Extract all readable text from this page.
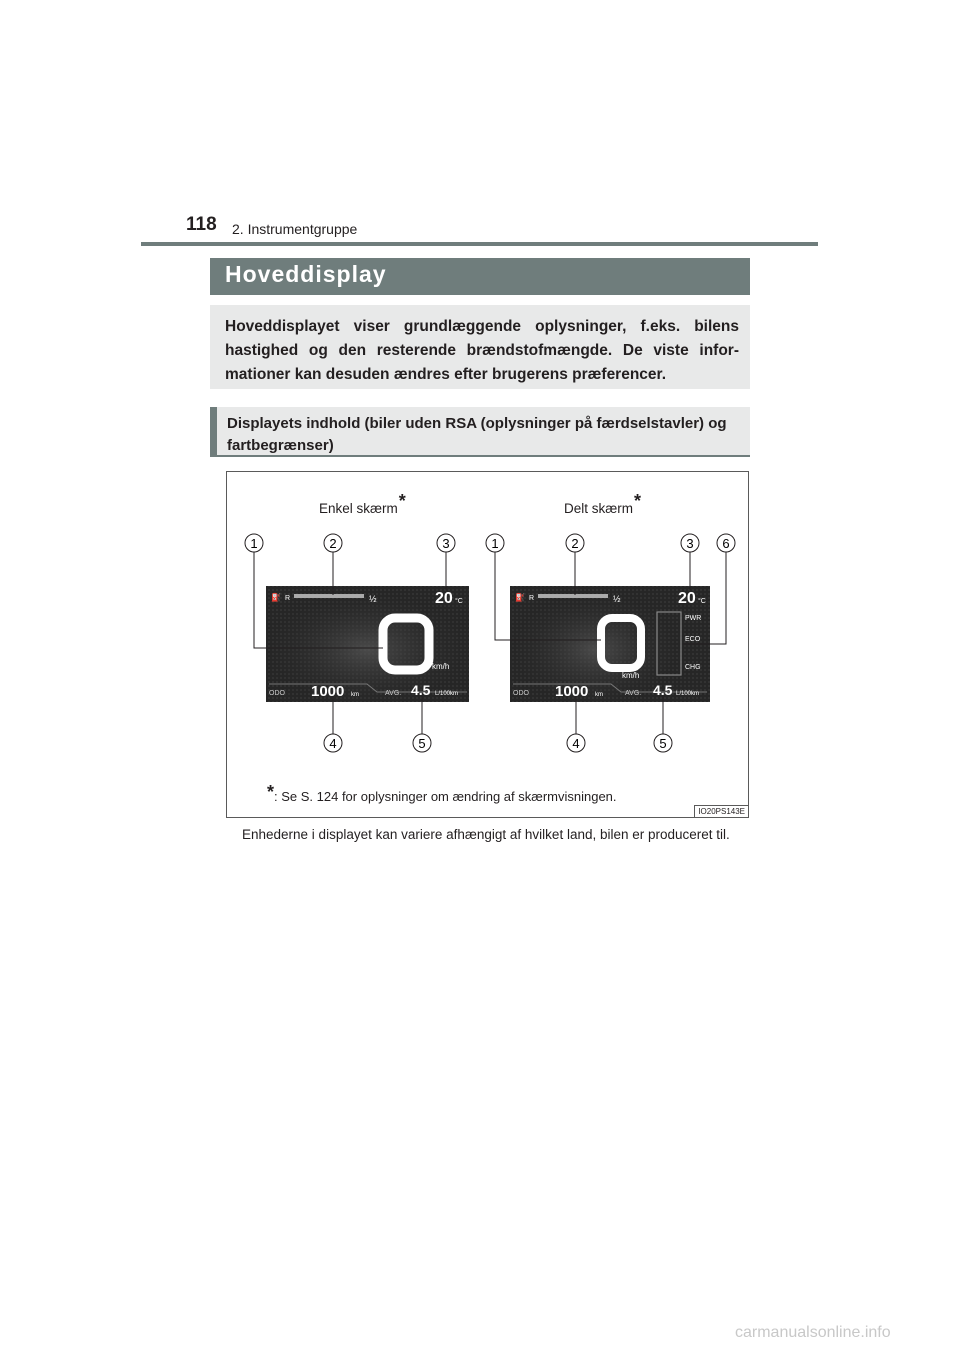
118 2. Instrumentgruppe
Hoveddisplay
Hoveddisplayet viser grundlæggende oplysninger, f.eks. bilens hastighed og den resterende brændstofmængde. De viste infor-mationer kan desuden ændres efter brugerens præferencer.
Displayets indhold (biler uden RSA (oplysninger på færdselstavler) og fartbegrænser)
Enkel skærm*	Delt skærm*
⛽ R	½	20 °C
km/h
ODO 1000 km	AVG. 4.5 L/100km
⛽ R	½	20 °C
km/h
PWR
ECO
CHG
ODO 1000 km	AVG. 4.5 L/100km
1	2	3
4	5
1	2	3 6
4	5
*: Se S. 124 for oplysninger om ændring af skærmvisningen.
IO20PS143E
Enhederne i displayet kan variere afhængigt af hvilket land, bilen er produceret til.
carmanualsonline.info
